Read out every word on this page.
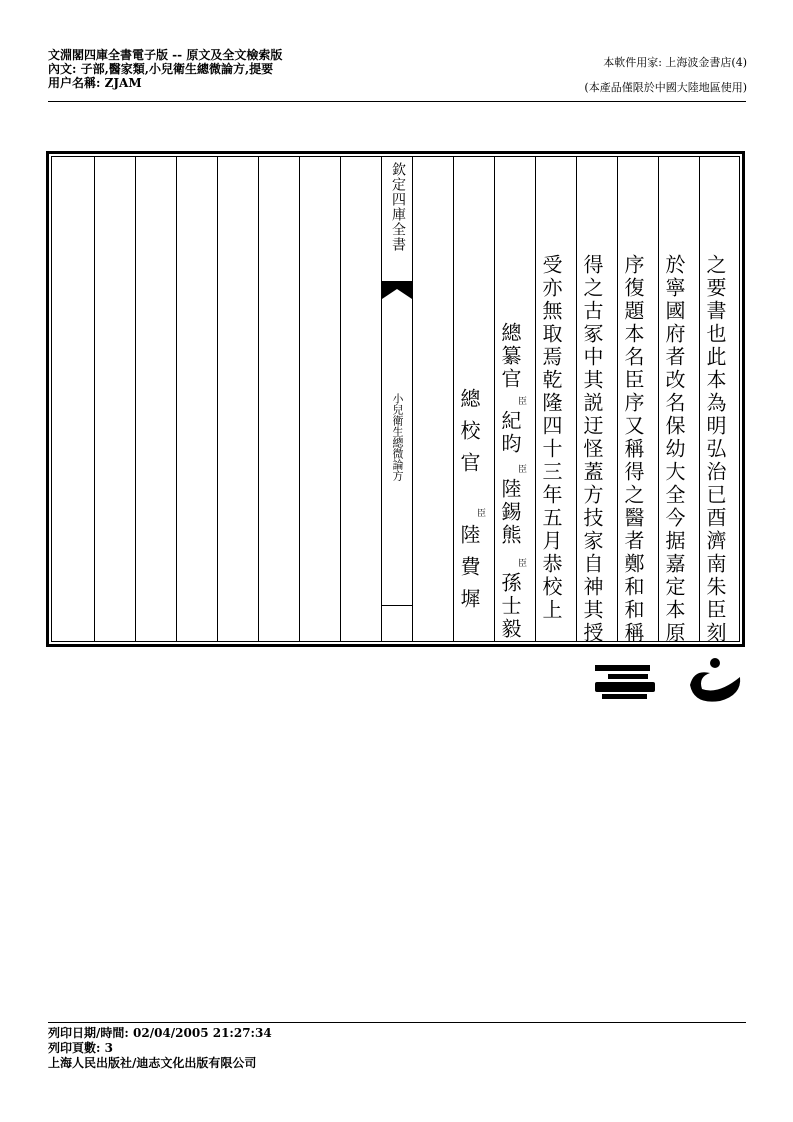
文淵閣四庫全書電子版 -- 原文及全文檢索版
內文: 子部,醫家類,小兒衛生總微論方,提要
用户名稱: ZJAM
本軟件用家: 上海波金書店(4)
(本產品僅限於中國大陸地區使用)
欽定四庫全書
小兒衛生總微論方	之要書也此本為明弘治已酉濟南朱臣刻
於寧國府者改名保幼大全今据嘉定本原
序復題本名臣序又稱得之醫者鄭和和稱
得之古冢中其説迂怪蓋方技家自神其授
受亦無取焉乾隆四十三年五月恭校上
總纂官
臣
紀昀
臣
陸錫熊
臣
孫士毅
總校官
臣
陸費墀
列印日期/時間: 02/04/2005 21:27:34
列印頁數: 3
上海人民出版社/迪志文化出版有限公司
